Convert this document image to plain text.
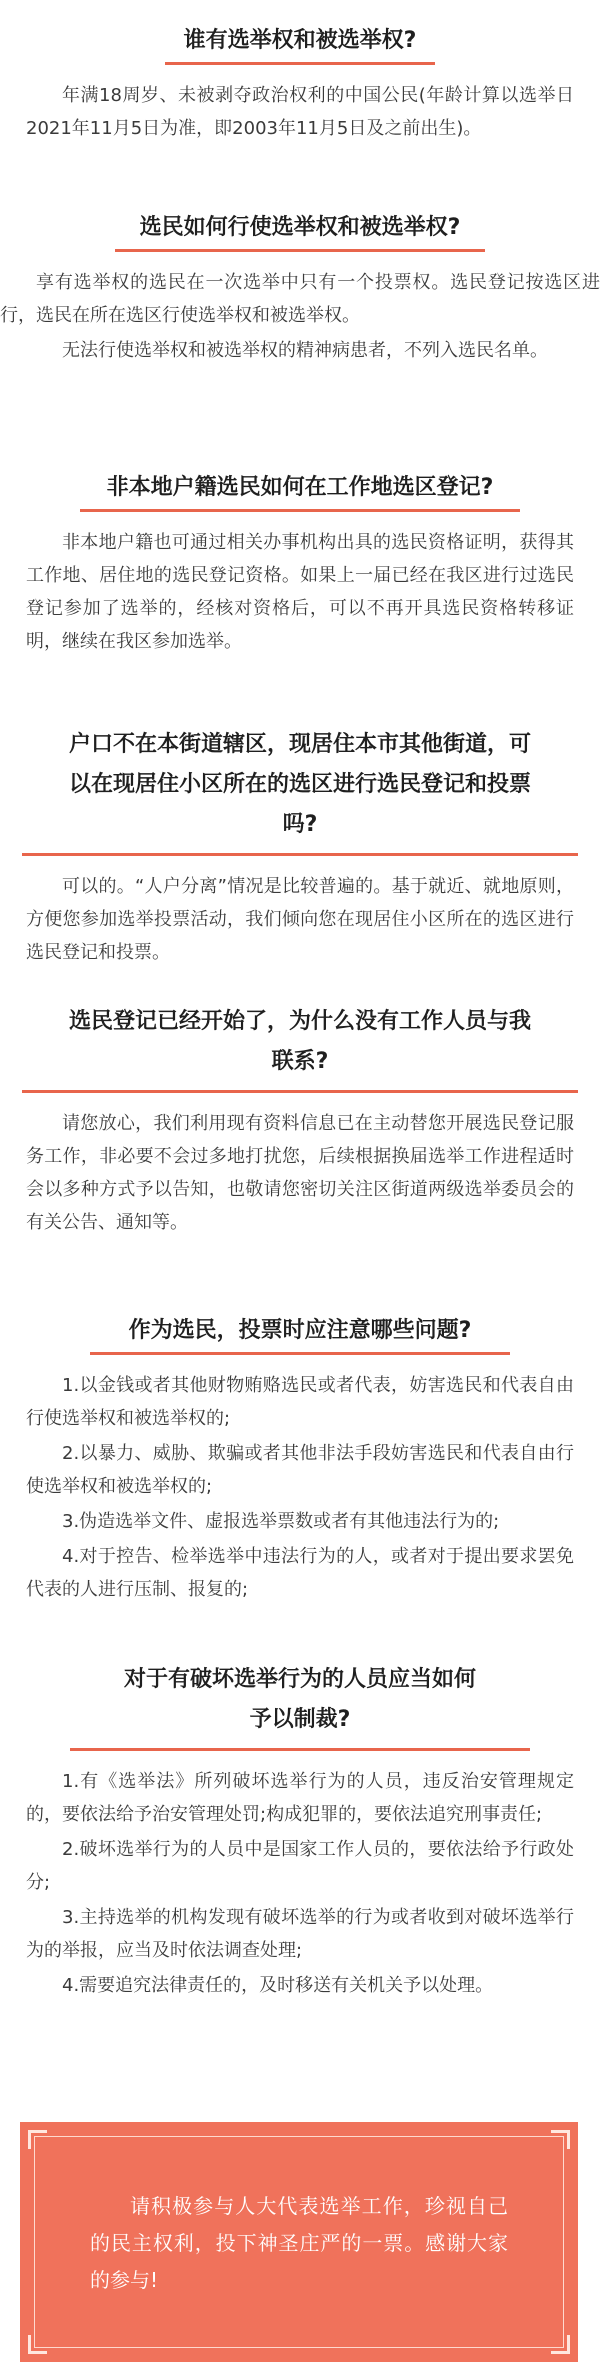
谁有选举权和被选举权?

年满18周岁、未被剥夺政治权利的中国公民(年龄计算以选举日2021年11月5日为准，即2003年11月5日及之前出生)。

选民如何行使选举权和被选举权?

享有选举权的选民在一次选举中只有一个投票权。选民登记按选区进行，选民在所在选区行使选举权和被选举权。

无法行使选举权和被选举权的精神病患者，不列入选民名单。

非本地户籍选民如何在工作地选区登记?

非本地户籍也可通过相关办事机构出具的选民资格证明，获得其工作地、居住地的选民登记资格。如果上一届已经在我区进行过选民登记参加了选举的，经核对资格后，可以不再开具选民资格转移证明，继续在我区参加选举。

户口不在本街道辖区，现居住本市其他街道，可
以在现居住小区所在的选区进行选民登记和投票
吗?

可以的。“人户分离”情况是比较普遍的。基于就近、就地原则，方便您参加选举投票活动，我们倾向您在现居住小区所在的选区进行选民登记和投票。

选民登记已经开始了，为什么没有工作人员与我
联系?

请您放心，我们利用现有资料信息已在主动替您开展选民登记服务工作，非必要不会过多地打扰您，后续根据换届选举工作进程适时会以多种方式予以告知，也敬请您密切关注区街道两级选举委员会的有关公告、通知等。

作为选民，投票时应注意哪些问题?

1.以金钱或者其他财物贿赂选民或者代表，妨害选民和代表自由行使选举权和被选举权的;

2.以暴力、威胁、欺骗或者其他非法手段妨害选民和代表自由行使选举权和被选举权的;

3.伪造选举文件、虚报选举票数或者有其他违法行为的;

4.对于控告、检举选举中违法行为的人，或者对于提出要求罢免代表的人进行压制、报复的;

对于有破坏选举行为的人员应当如何
予以制裁?

1.有《选举法》所列破坏选举行为的人员，违反治安管理规定的，要依法给予治安管理处罚;构成犯罪的，要依法追究刑事责任;

2.破坏选举行为的人员中是国家工作人员的，要依法给予行政处分;

3.主持选举的机构发现有破坏选举的行为或者收到对破坏选举行为的举报，应当及时依法调查处理;

4.需要追究法律责任的，及时移送有关机关予以处理。

请积极参与人大代表选举工作，珍视自己的民主权利，投下神圣庄严的一票。感谢大家的参与!
